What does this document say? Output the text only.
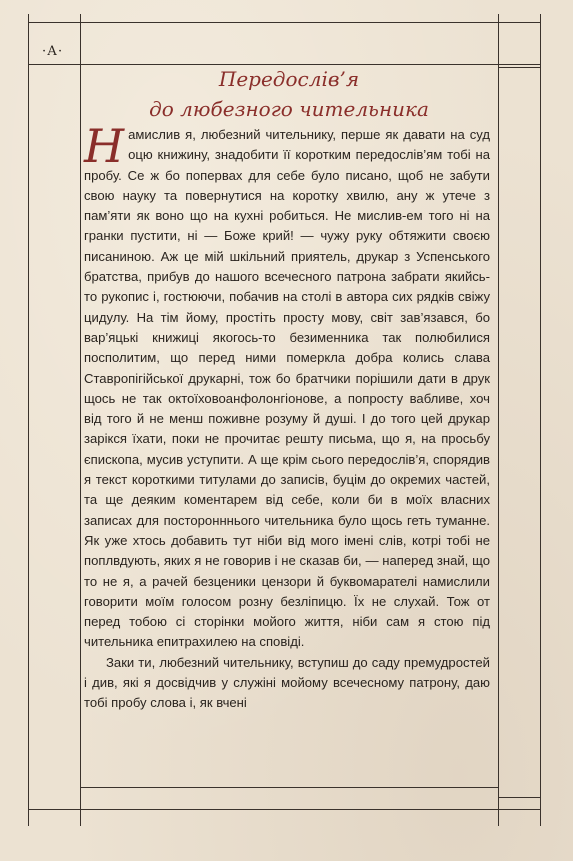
·А·
Передослів’я
до любезного чительника

Намислив я, любезний чительнику, перше як давати на суд оцю книжину, знадобити її коротким передослів’ям тобі на пробу. Се ж бо поперваx для себе було писано, щоб не забути свою науку та повернутися на коротку хвилю, ану ж утече з пам’яти як воно що на кухні робиться. Не мислив-ем того ні на гранки пустити, ні — Боже крий! — чужу руку обтяжити своєю писаниною. Аж це мій шкільний приятель, друкар з Успенського братства, прибув до нашого всечесного патрона забрати якийсь-то рукопис і, гостюючи, побачив на столі в автора сих рядків свіжу цидулу. На тім йому, простіть просту мову, світ зав’язався, бо вар’яцькі книжиці якогось-то безименника так полюбилися посполитим, що перед ними померкла добра колись слава Ставропігійської друкарні, тож бо братчики порішили дати в друк щось не так октоїховоанфолонгіонове, а попросту вабливе, хоч від того й не менш поживне розуму й душі. І до того цей друкар зарікся їхати, поки не прочитає решту письма, що я, на просьбу єпископа, мусив уступити. А ще крім сього передослів’я, спорядив я текст короткими титулами до записів, буцім до окремих частей, та ще деяким коментарем від себе, коли би в моїх власних записах для посторонннього чительника було щось геть туманне. Як уже хтось добавить тут ніби від мого імені слів, котрі тобі не поплвдують, яких я не говорив і не сказав би, — наперед знай, що то не я, а рачей безценики цензори й буквомарателі намислили говорити моїм голосом розну безліпицю. Їх не слухай. Тож от перед тобою сі сторінки мойого життя, ніби сам я стою під чительника епитрахилею на сповіді.

Заки ти, любезний чительнику, вступиш до саду премудростей і див, які я досвідчив у служіні мойому всечесному патрону, даю тобі пробу слова і, як вчені
